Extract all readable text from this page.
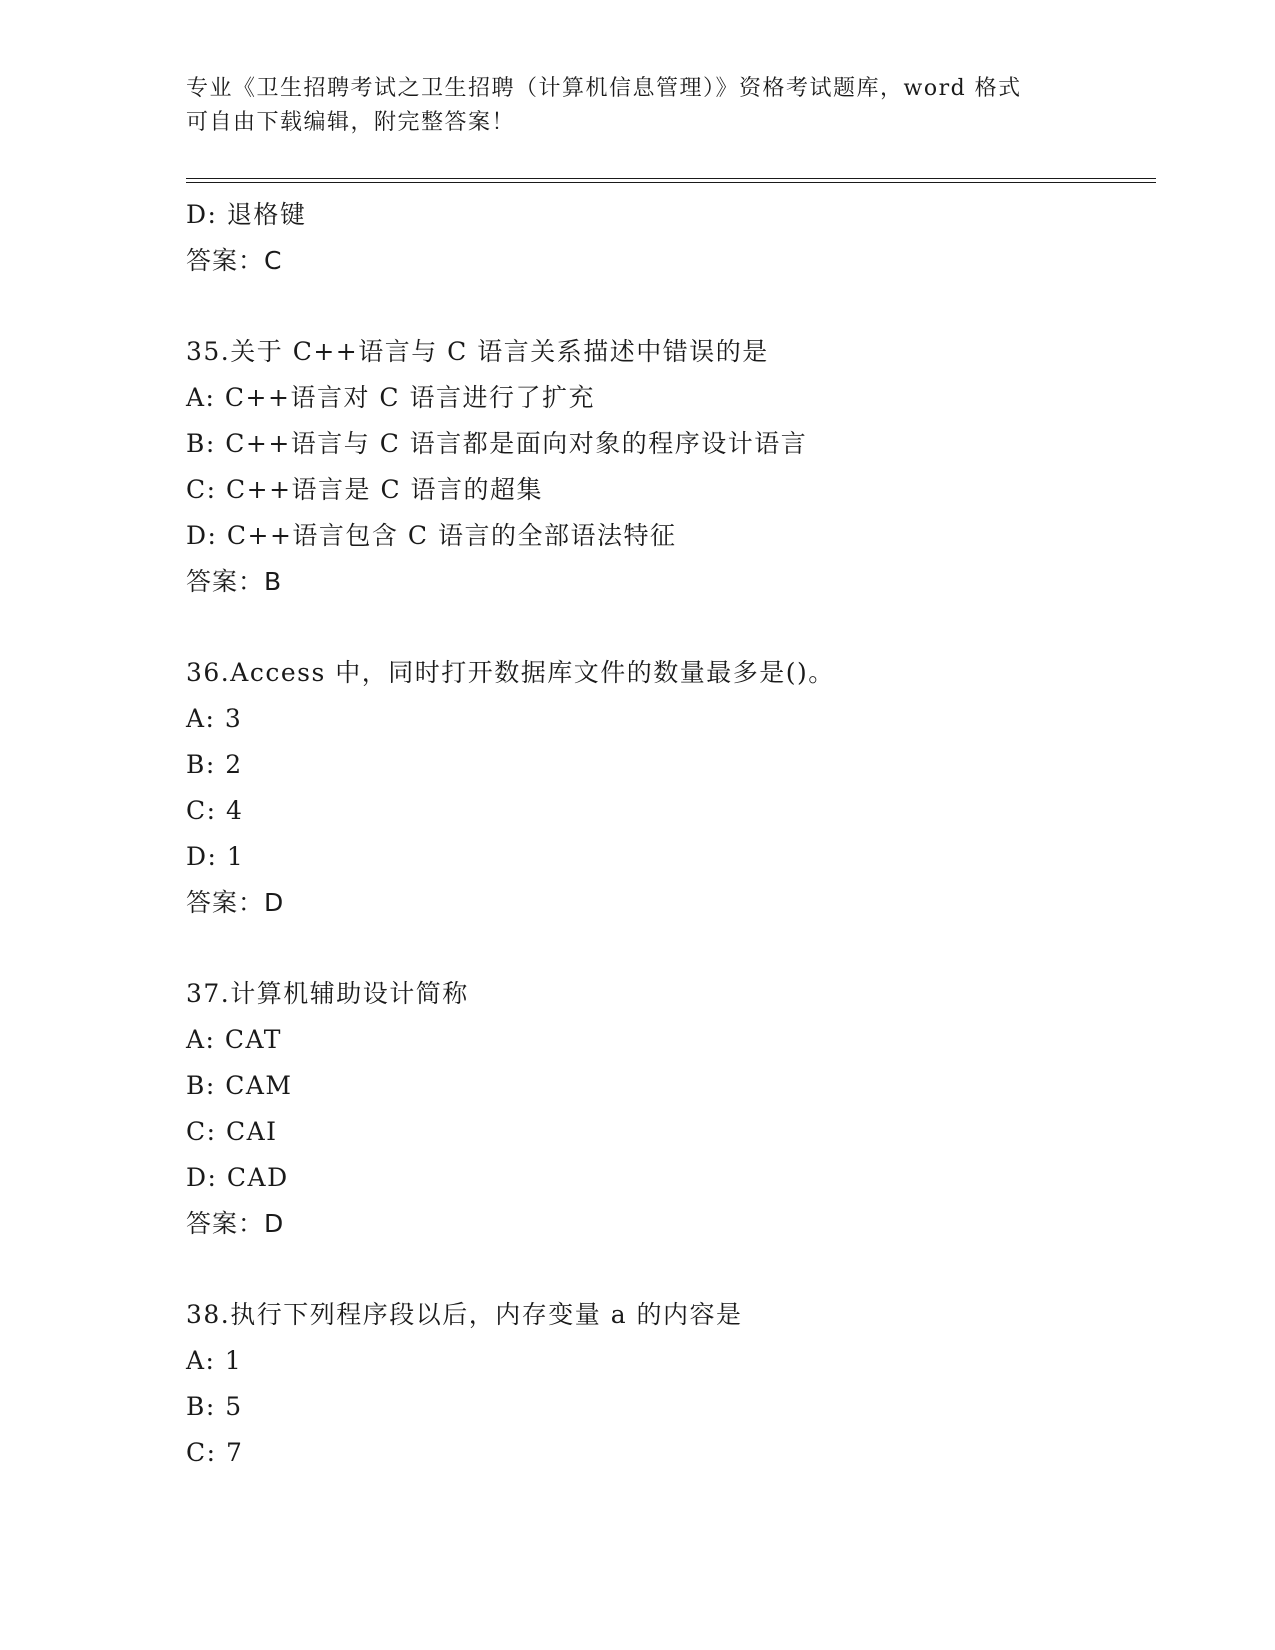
专业《卫生招聘考试之卫生招聘（计算机信息管理）》资格考试题库，word 格式
可自由下载编辑，附完整答案！
D: 退格键
答案：C
35.关于 C++语言与 C 语言关系描述中错误的是
A: C++语言对 C 语言进行了扩充
B: C++语言与 C 语言都是面向对象的程序设计语言
C: C++语言是 C 语言的超集
D: C++语言包含 C 语言的全部语法特征
答案：B
36.Access 中，同时打开数据库文件的数量最多是()。
A: 3
B: 2
C: 4
D: 1
答案：D
37.计算机辅助设计简称
A: CAT
B: CAM
C: CAI
D: CAD
答案：D
38.执行下列程序段以后，内存变量 a 的内容是
A: 1
B: 5
C: 7
